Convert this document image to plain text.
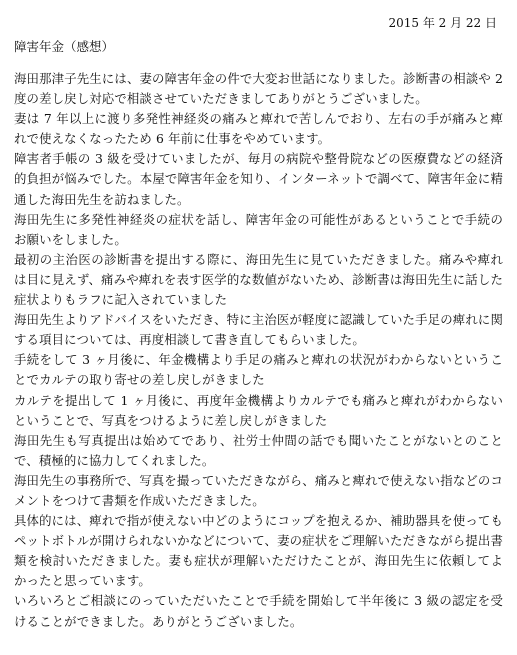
2015 年 2 月 22 日

障害年金（感想）

海田那津子先生には、妻の障害年金の件で大変お世話になりました。診断書の相談や 2 度の差し戻し対応で相談させていただきましてありがとうございました。

妻は 7 年以上に渡り多発性神経炎の痛みと痺れで苦しんでおり、左右の手が痛みと痺れで使えなくなったため 6 年前に仕事をやめています。

障害者手帳の 3 級を受けていましたが、毎月の病院や整骨院などの医療費などの経済的負担が悩みでした。本屋で障害年金を知り、インターネットで調べて、障害年金に精通した海田先生を訪ねました。

海田先生に多発性神経炎の症状を話し、障害年金の可能性があるということで手続のお願いをしました。

最初の主治医の診断書を提出する際に、海田先生に見ていただきました。痛みや痺れは目に見えず、痛みや痺れを表す医学的な数値がないため、診断書は海田先生に話した症状よりもラフに記入されていました

海田先生よりアドバイスをいただき、特に主治医が軽度に認識していた手足の痺れに関する項目については、再度相談して書き直してもらいました。

手続をして 3 ヶ月後に、年金機構より手足の痛みと痺れの状況がわからないということでカルテの取り寄せの差し戻しがきました

カルテを提出して 1 ヶ月後に、再度年金機構よりカルテでも痛みと痺れがわからないということで、写真をつけるように差し戻しがきました

海田先生も写真提出は始めてであり、社労士仲間の話でも聞いたことがないとのことで、積極的に協力してくれました。

海田先生の事務所で、写真を撮っていただきながら、痛みと痺れで使えない指などのコメントをつけて書類を作成いただきました。

具体的には、痺れで指が使えない中どのようにコップを抱えるか、補助器具を使ってもペットボトルが開けられないかなどについて、妻の症状をご理解いただきながら提出書類を検討いただきました。妻も症状が理解いただけたことが、海田先生に依頼してよかったと思っています。

いろいろとご相談にのっていただいたことで手続を開始して半年後に 3 級の認定を受けることができました。ありがとうございました。
